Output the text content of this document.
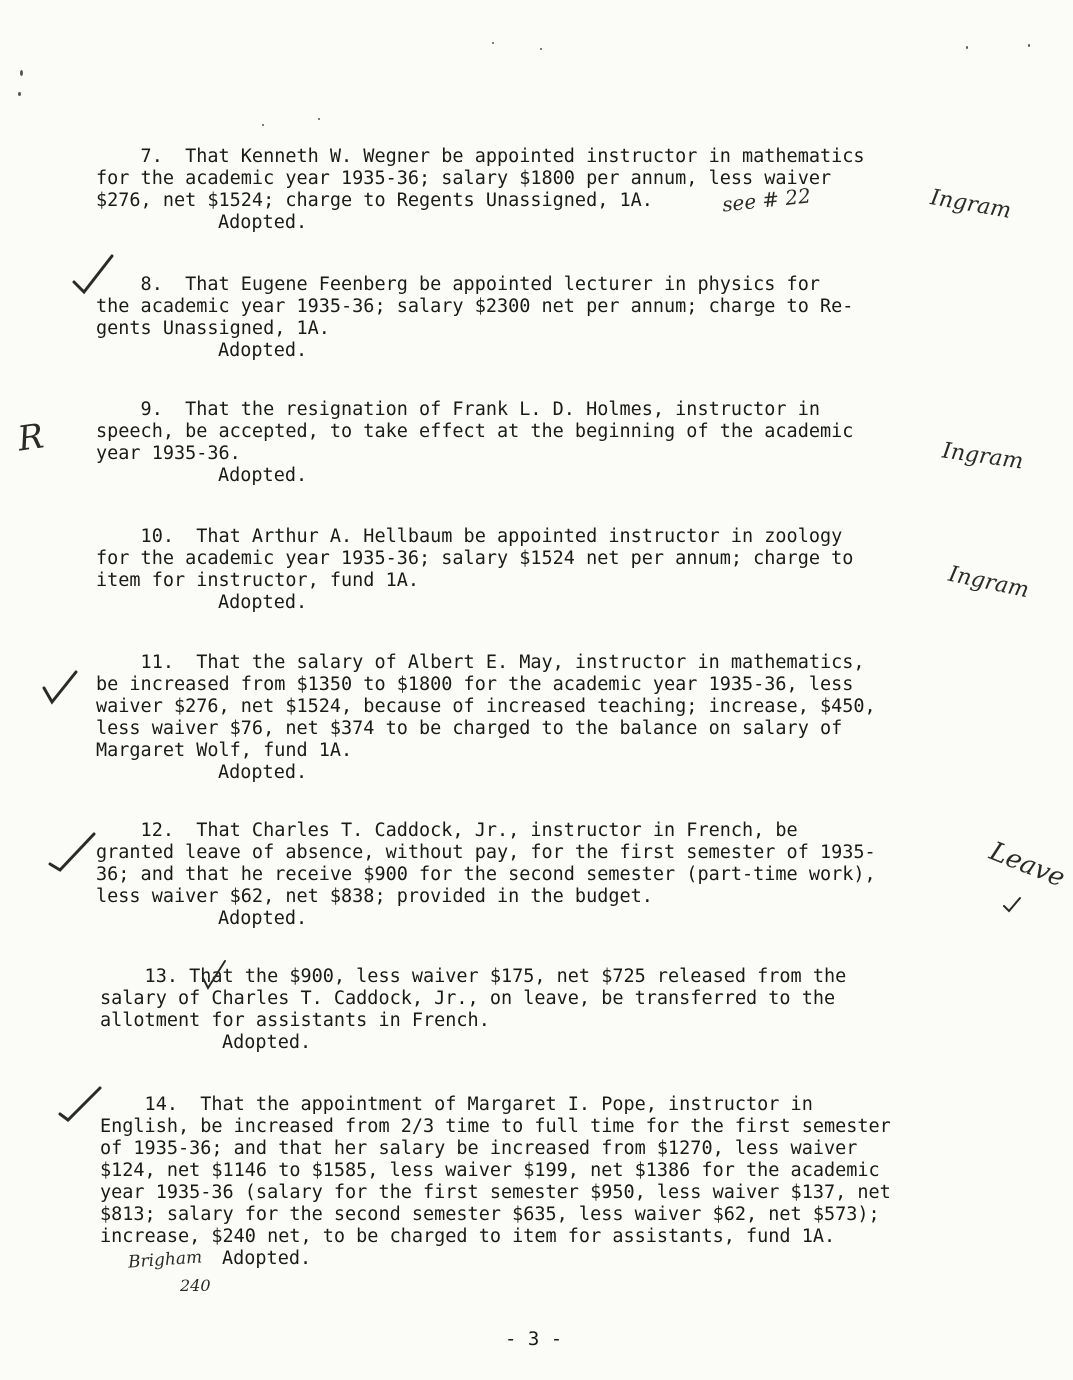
7.  That Kenneth W. Wegner be appointed instructor in mathematics
for the academic year 1935-36; salary $1800 per annum, less waiver
$276, net $1524; charge to Regents Unassigned, 1A.
Adopted.
8.  That Eugene Feenberg be appointed lecturer in physics for
the academic year 1935-36; salary $2300 net per annum; charge to Re-
gents Unassigned, 1A.
Adopted.
9.  That the resignation of Frank L. D. Holmes, instructor in
speech, be accepted, to take effect at the beginning of the academic
year 1935-36.
Adopted.
10.  That Arthur A. Hellbaum be appointed instructor in zoology
for the academic year 1935-36; salary $1524 net per annum; charge to
item for instructor, fund 1A.
Adopted.
11.  That the salary of Albert E. May, instructor in mathematics,
be increased from $1350 to $1800 for the academic year 1935-36, less
waiver $276, net $1524, because of increased teaching; increase, $450,
less waiver $76, net $374 to be charged to the balance on salary of
Margaret Wolf, fund 1A.
Adopted.
12.  That Charles T. Caddock, Jr., instructor in French, be
granted leave of absence, without pay, for the first semester of 1935-
36; and that he receive $900 for the second semester (part-time work),
less waiver $62, net $838; provided in the budget.
Adopted.
13. That the $900, less waiver $175, net $725 released from the
salary of Charles T. Caddock, Jr., on leave, be transferred to the
allotment for assistants in French.
Adopted.
14.  That the appointment of Margaret I. Pope, instructor in
English, be increased from 2/3 time to full time for the first semester
of 1935-36; and that her salary be increased from $1270, less waiver
$124, net $1146 to $1585, less waiver $199, net $1386 for the academic
year 1935-36 (salary for the first semester $950, less waiver $137, net
$813; salary for the second semester $635, less waiver $62, net $573);
increase, $240 net, to be charged to item for assistants, fund 1A.
Adopted.
see # 22	Ingram
Ingram
Ingram
R
Leave
Brigham
240
- 3 -
